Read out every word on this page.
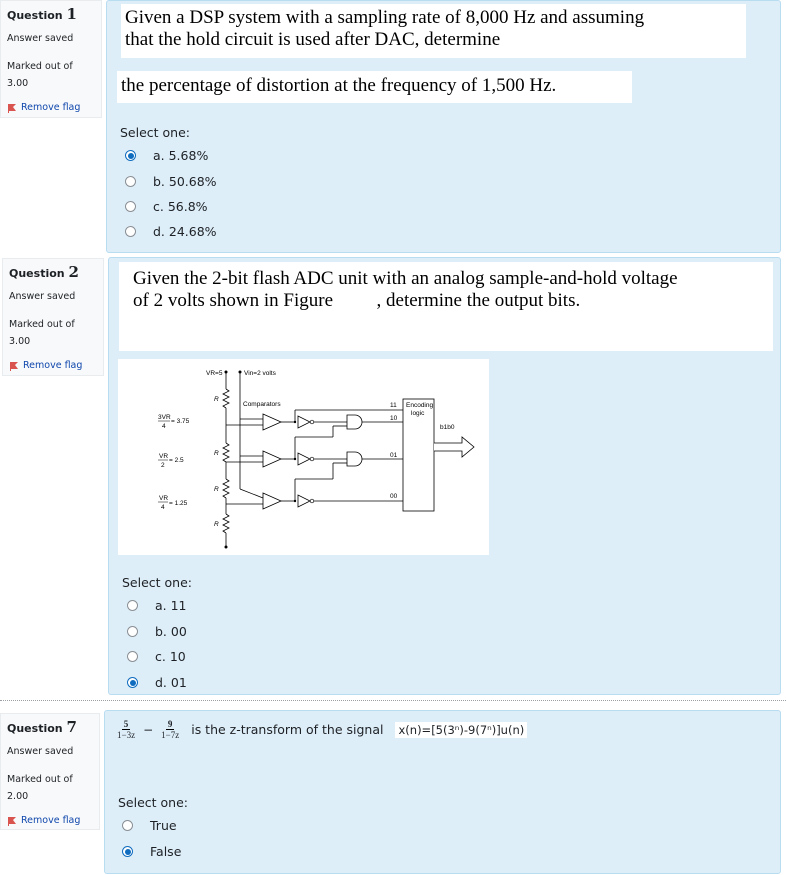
Question 1
Answer saved
Marked out of
3.00
Remove flag
Given a DSP system with a sampling rate of 8,000 Hz and assuming
that the hold circuit is used after DAC, determine
the percentage of distortion at the frequency of 1,500 Hz.
Select one:
a. 5.68%
b. 50.68%
c. 56.8%
d. 24.68%
Question 2
Answer saved
Marked out of
3.00
Remove flag
Given the 2-bit flash ADC unit with an analog sample-and-hold voltage
of 2 volts shown in Figure , determine the output bits.
VR=5	Vin=2 volts
R
R
R
R
3VR
4
= 3.75
VR
2
= 2.5
VR
4
= 1.25
Comparators	Encoding
logic
11
10
01
00
b1b0
Select one:
a. 11
b. 00
c. 10
d. 01
Question 7
Answer saved
Marked out of
2.00
Remove flag
$\frac{5}{1-3z} - \frac{9}{1-7z}$ is the z-transform of the signal x(n)=[5(3ⁿ)-9(7ⁿ)]u(n)
Select one:
True
False
